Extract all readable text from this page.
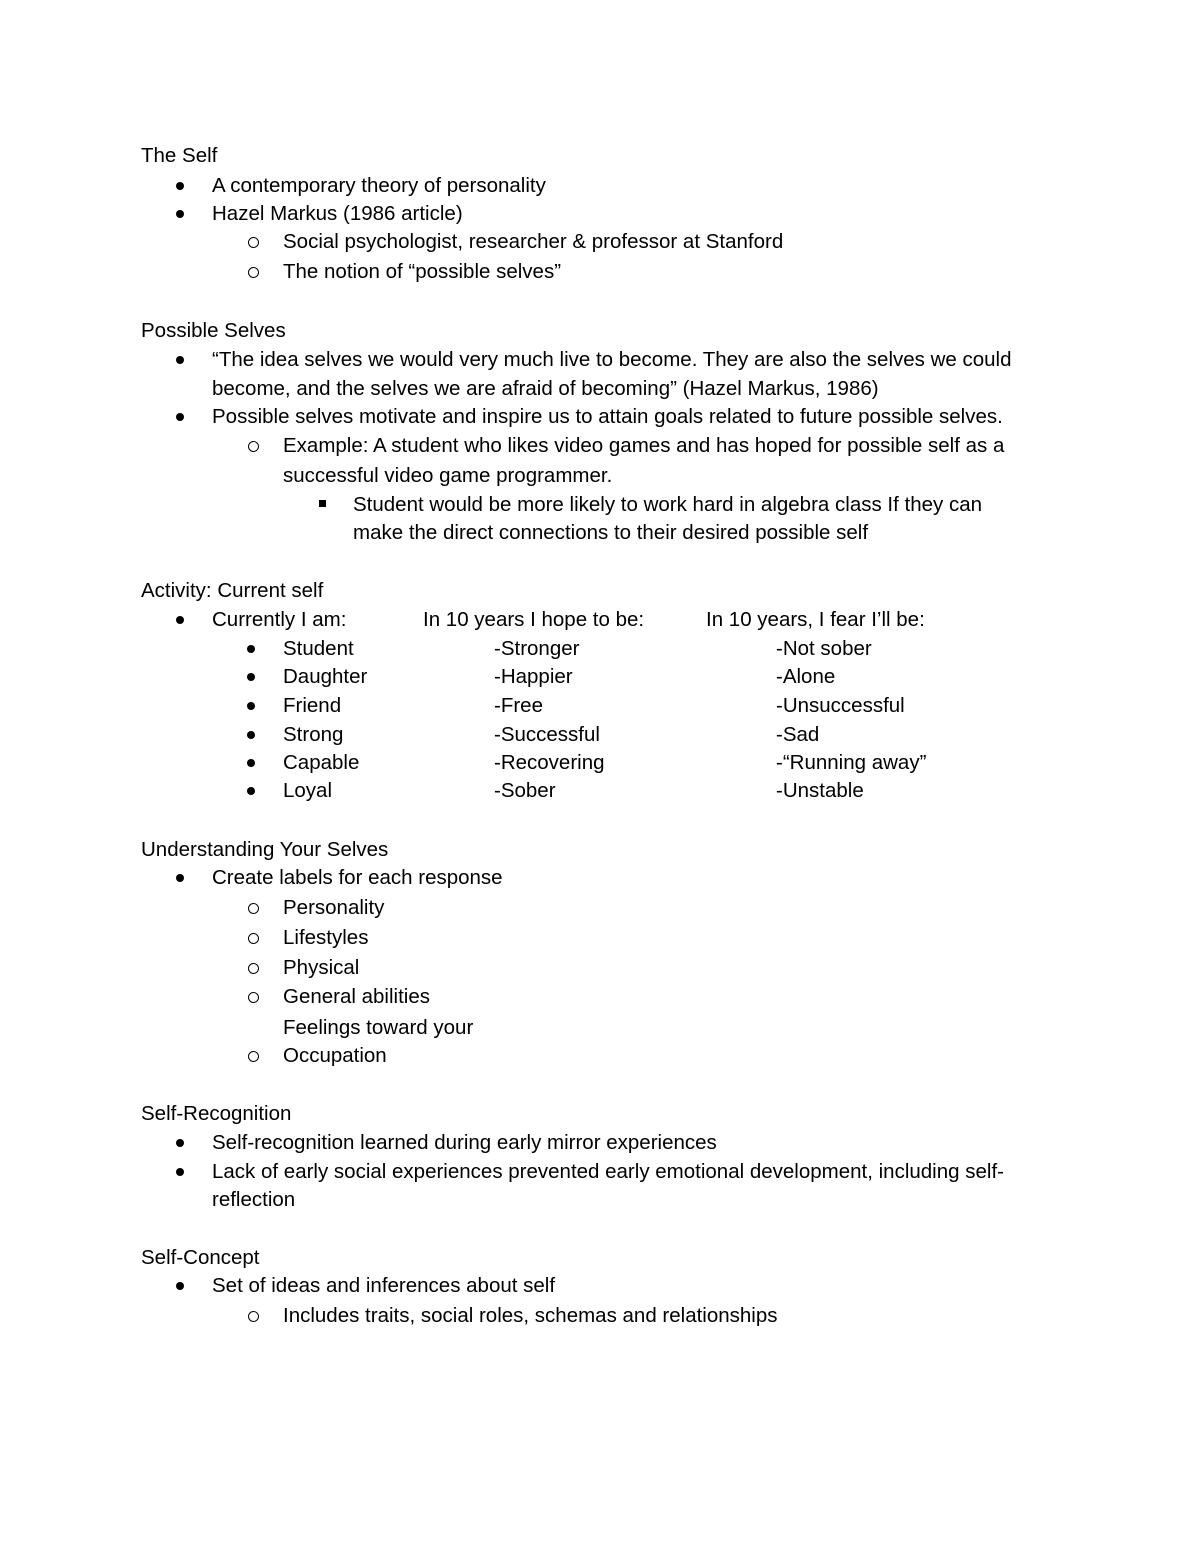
The Self
A contemporary theory of personality
Hazel Markus (1986 article)
Social psychologist, researcher & professor at Stanford
The notion of “possible selves”
Possible Selves
“The idea selves we would very much live to become. They are also the selves we could
become, and the selves we are afraid of becoming” (Hazel Markus, 1986)
Possible selves motivate and inspire us to attain goals related to future possible selves.
Example: A student who likes video games and has hoped for possible self as a
successful video game programmer.
Student would be more likely to work hard in algebra class If they can
make the direct connections to their desired possible self
Activity: Current self
Currently I am:	In 10 years I hope to be:	In 10 years, I fear I’ll be:
Student	-Stronger	-Not sober
Daughter	-Happier	-Alone
Friend	-Free	-Unsuccessful
Strong	-Successful	-Sad
Capable	-Recovering	-“Running away”
Loyal	-Sober	-Unstable
Understanding Your Selves
Create labels for each response
Personality
Lifestyles
Physical
General abilities
Feelings toward your
Occupation
Self-Recognition
Self-recognition learned during early mirror experiences
Lack of early social experiences prevented early emotional development, including self-
reflection
Self-Concept
Set of ideas and inferences about self
Includes traits, social roles, schemas and relationships
